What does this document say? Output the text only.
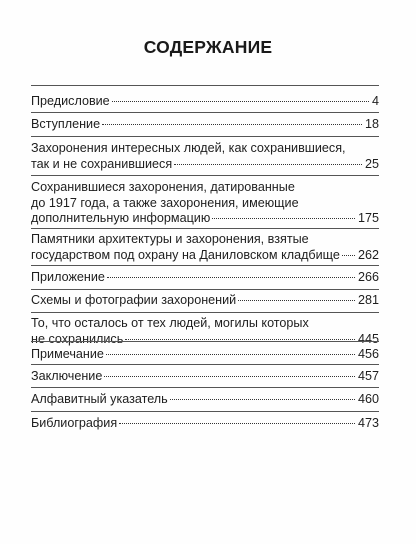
СОДЕРЖАНИЕ
Предисловие	4
Вступление	18
Захоронения интересных людей, как сохранившиеся,
так и не сохранившиеся	25
Сохранившиеся захоронения, датированные
до 1917 года, а также захоронения, имеющие
дополнительную информацию	175
Памятники архитектуры и захоронения, взятые
государством под охрану на Даниловском кладбище 262
Приложение	266
Схемы и фотографии захоронений	281
То, что осталось от тех людей, могилы которых
не сохранились	445
Примечание	456
Заключение	457
Алфавитный указатель	460
Библиография	473
